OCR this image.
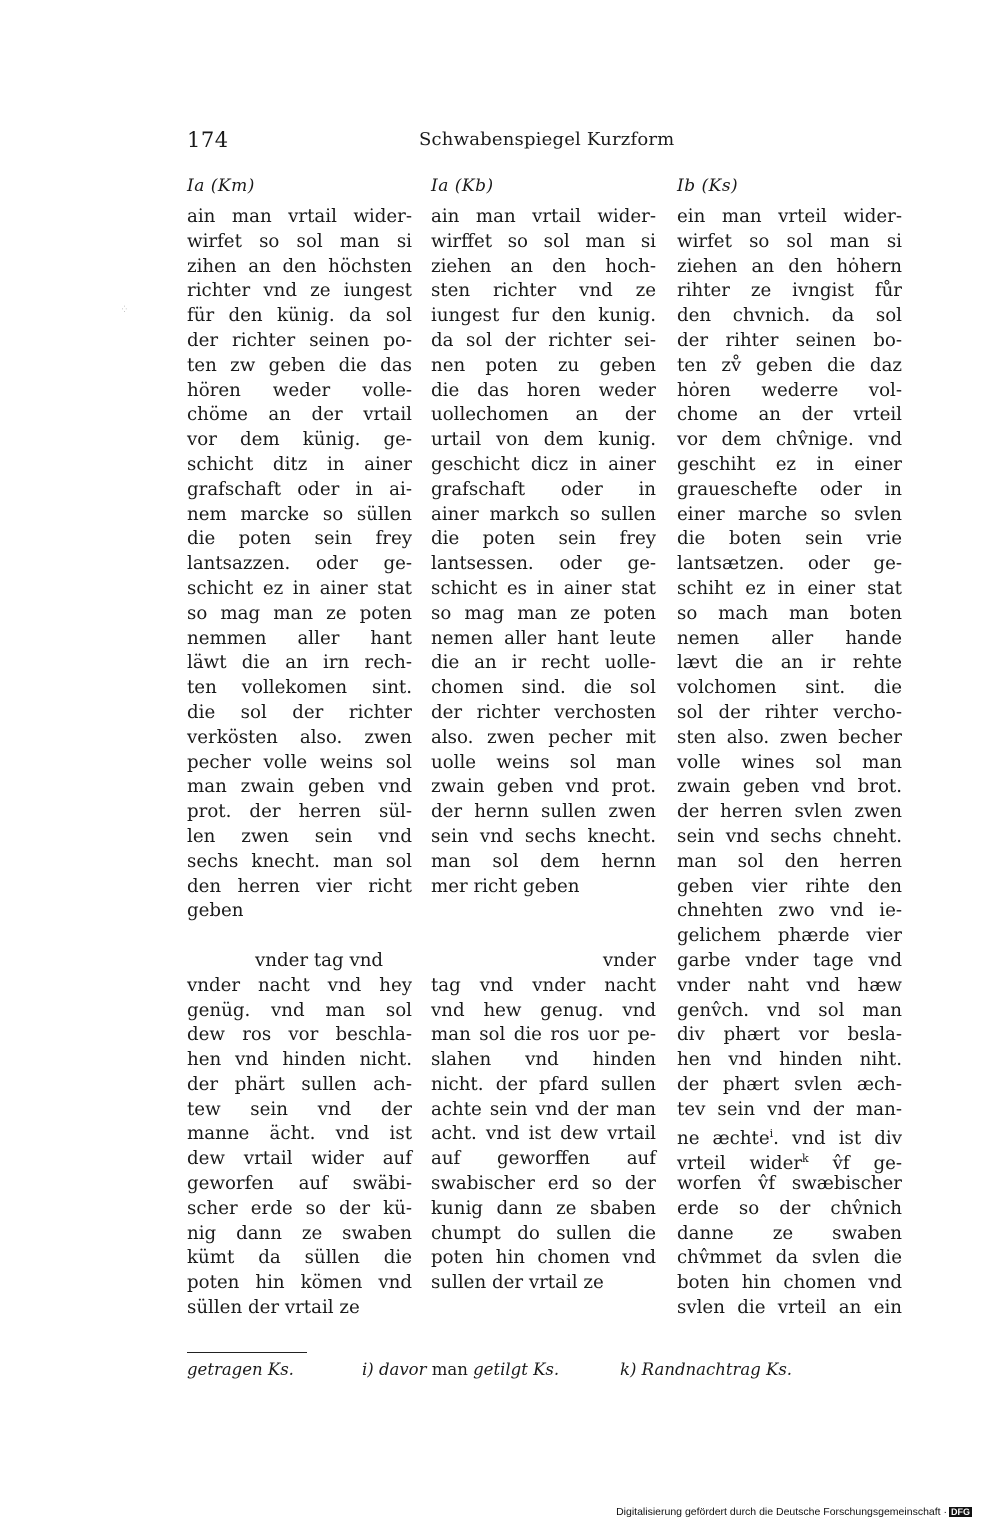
⁛
174	Schwabenspiegel Kurzform
Ia (Km)	Ia (Kb)	Ib (Ks)
ain man vrtail wider-
wirfet so sol man si
zihen an den höchsten
richter vnd ze iungest
für den künig. da sol
der richter seinen po-
ten zw geben die das
hören weder volle-
chöme an der vrtail
vor dem künig. ge-
schicht ditz in ainer
grafschaft oder in ai-
nem marcke so süllen
die poten sein frey
lantsazzen. oder ge-
schicht ez in ainer stat
so mag man ze poten
nemmen aller hant
läwt die an irn rech-
ten vollekomen sint.
die sol der richter
verkösten also. zwen
pecher volle weins sol
man zwain geben vnd
prot. der herren sül-
len zwen sein vnd
sechs knecht. man sol
den herren vier richt
geben
vnder tag vnd
vnder nacht vnd hey
genüg. vnd man sol
dew ros vor beschla-
hen vnd hinden nicht.
der phärt sullen ach-
tew sein vnd der
manne ächt. vnd ist
dew vrtail wider auf
geworfen auf swäbi-
scher erde so der kü-
nig dann ze swaben
kümt da süllen die
poten hin kömen vnd
süllen der vrtail ze
ain man vrtail wider-
wirffet so sol man si
ziehen an den hoch-
sten richter vnd ze
iungest fur den kunig.
da sol der richter sei-
nen poten zu geben
die das horen weder
uollechomen an der
urtail von dem kunig.
geschicht dicz in ainer
grafschaft oder in
ainer markch so sullen
die poten sein frey
lantsessen. oder ge-
schicht es in ainer stat
so mag man ze poten
nemen aller hant leute
die an ir recht uolle-
chomen sind. die sol
der richter verchosten
also. zwen pecher mit
uolle weins sol man
zwain geben vnd prot.
der hernn sullen zwen
sein vnd sechs knecht.
man sol dem hernn
mer richt geben
vnder
tag vnd vnder nacht
vnd hew genug. vnd
man sol die ros uor pe-
slahen vnd hinden
nicht. der pfard sullen
achte sein vnd der man
acht. vnd ist dew vrtail
auf geworffen auf
swabischer erd so der
kunig dann ze sbaben
chumpt do sullen die
poten hin chomen vnd
sullen der vrtail ze
ein man vrteil wider-
wirfet so sol man si
ziehen an den hȯhern
rihter ze ivngist fůr
den chvnich. da sol
der rihter seinen bo-
ten zv̊ geben die daz
hȯren wederre vol-
chome an der vrteil
vor dem chv̂nige. vnd
geschiht ez in einer
graueschefte oder in
einer marche so svlen
die boten sein vrie
lantsætzen. oder ge-
schiht ez in einer stat
so mach man boten
nemen aller hande
lævt die an ir rehte
volchomen sint. die
sol der rihter vercho-
sten also. zwen becher
volle wines sol man
zwain geben vnd brot.
der herren svlen zwen
sein vnd sechs chneht.
man sol den herren
geben vier rihte den
chnehten zwo vnd ie-
gelichem phærde vier
garbe vnder tage vnd
vnder naht vnd hæw
genv̂ch. vnd sol man
div phært vor besla-
hen vnd hinden niht.
der phært svlen æch-
tev sein vnd der man-
ne æchte$^i$. vnd ist div
vrteil wider$^k$ v̂f ge-
worfen v̂f swæbischer
erde so der chv̂nich
danne ze swaben
chv̂mmet da svlen die
boten hin chomen vnd
svlen die vrteil an ein
getragen Ks.	i) davor man getilgt Ks.	k) Randnachtrag Ks.
Digitalisierung gefördert durch die Deutsche Forschungsgemeinschaft · DFG
